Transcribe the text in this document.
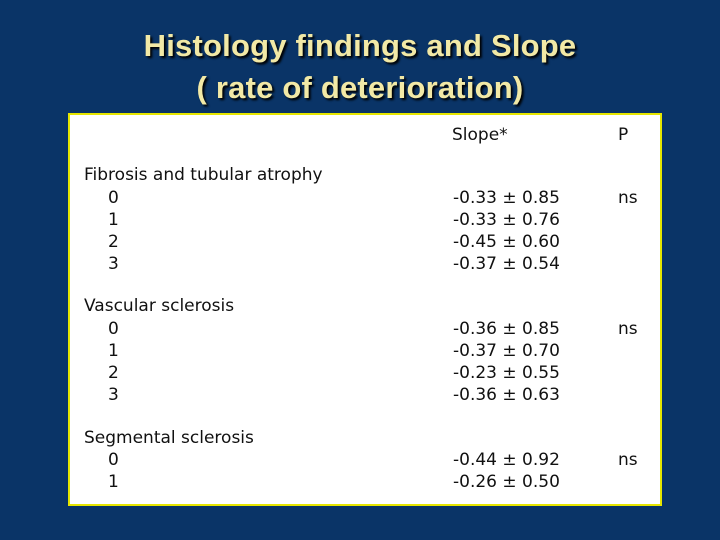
Histology findings and Slope
( rate of deterioration)
Slope*	P
Fibrosis and tubular atrophy
0	-0.33 ± 0.85	ns
1	-0.33 ± 0.76
2	-0.45 ± 0.60
3	-0.37 ± 0.54
Vascular sclerosis
0	-0.36 ± 0.85	ns
1	-0.37 ± 0.70
2	-0.23 ± 0.55
3	-0.36 ± 0.63
Segmental sclerosis
0	-0.44 ± 0.92	ns
1	-0.26 ± 0.50
